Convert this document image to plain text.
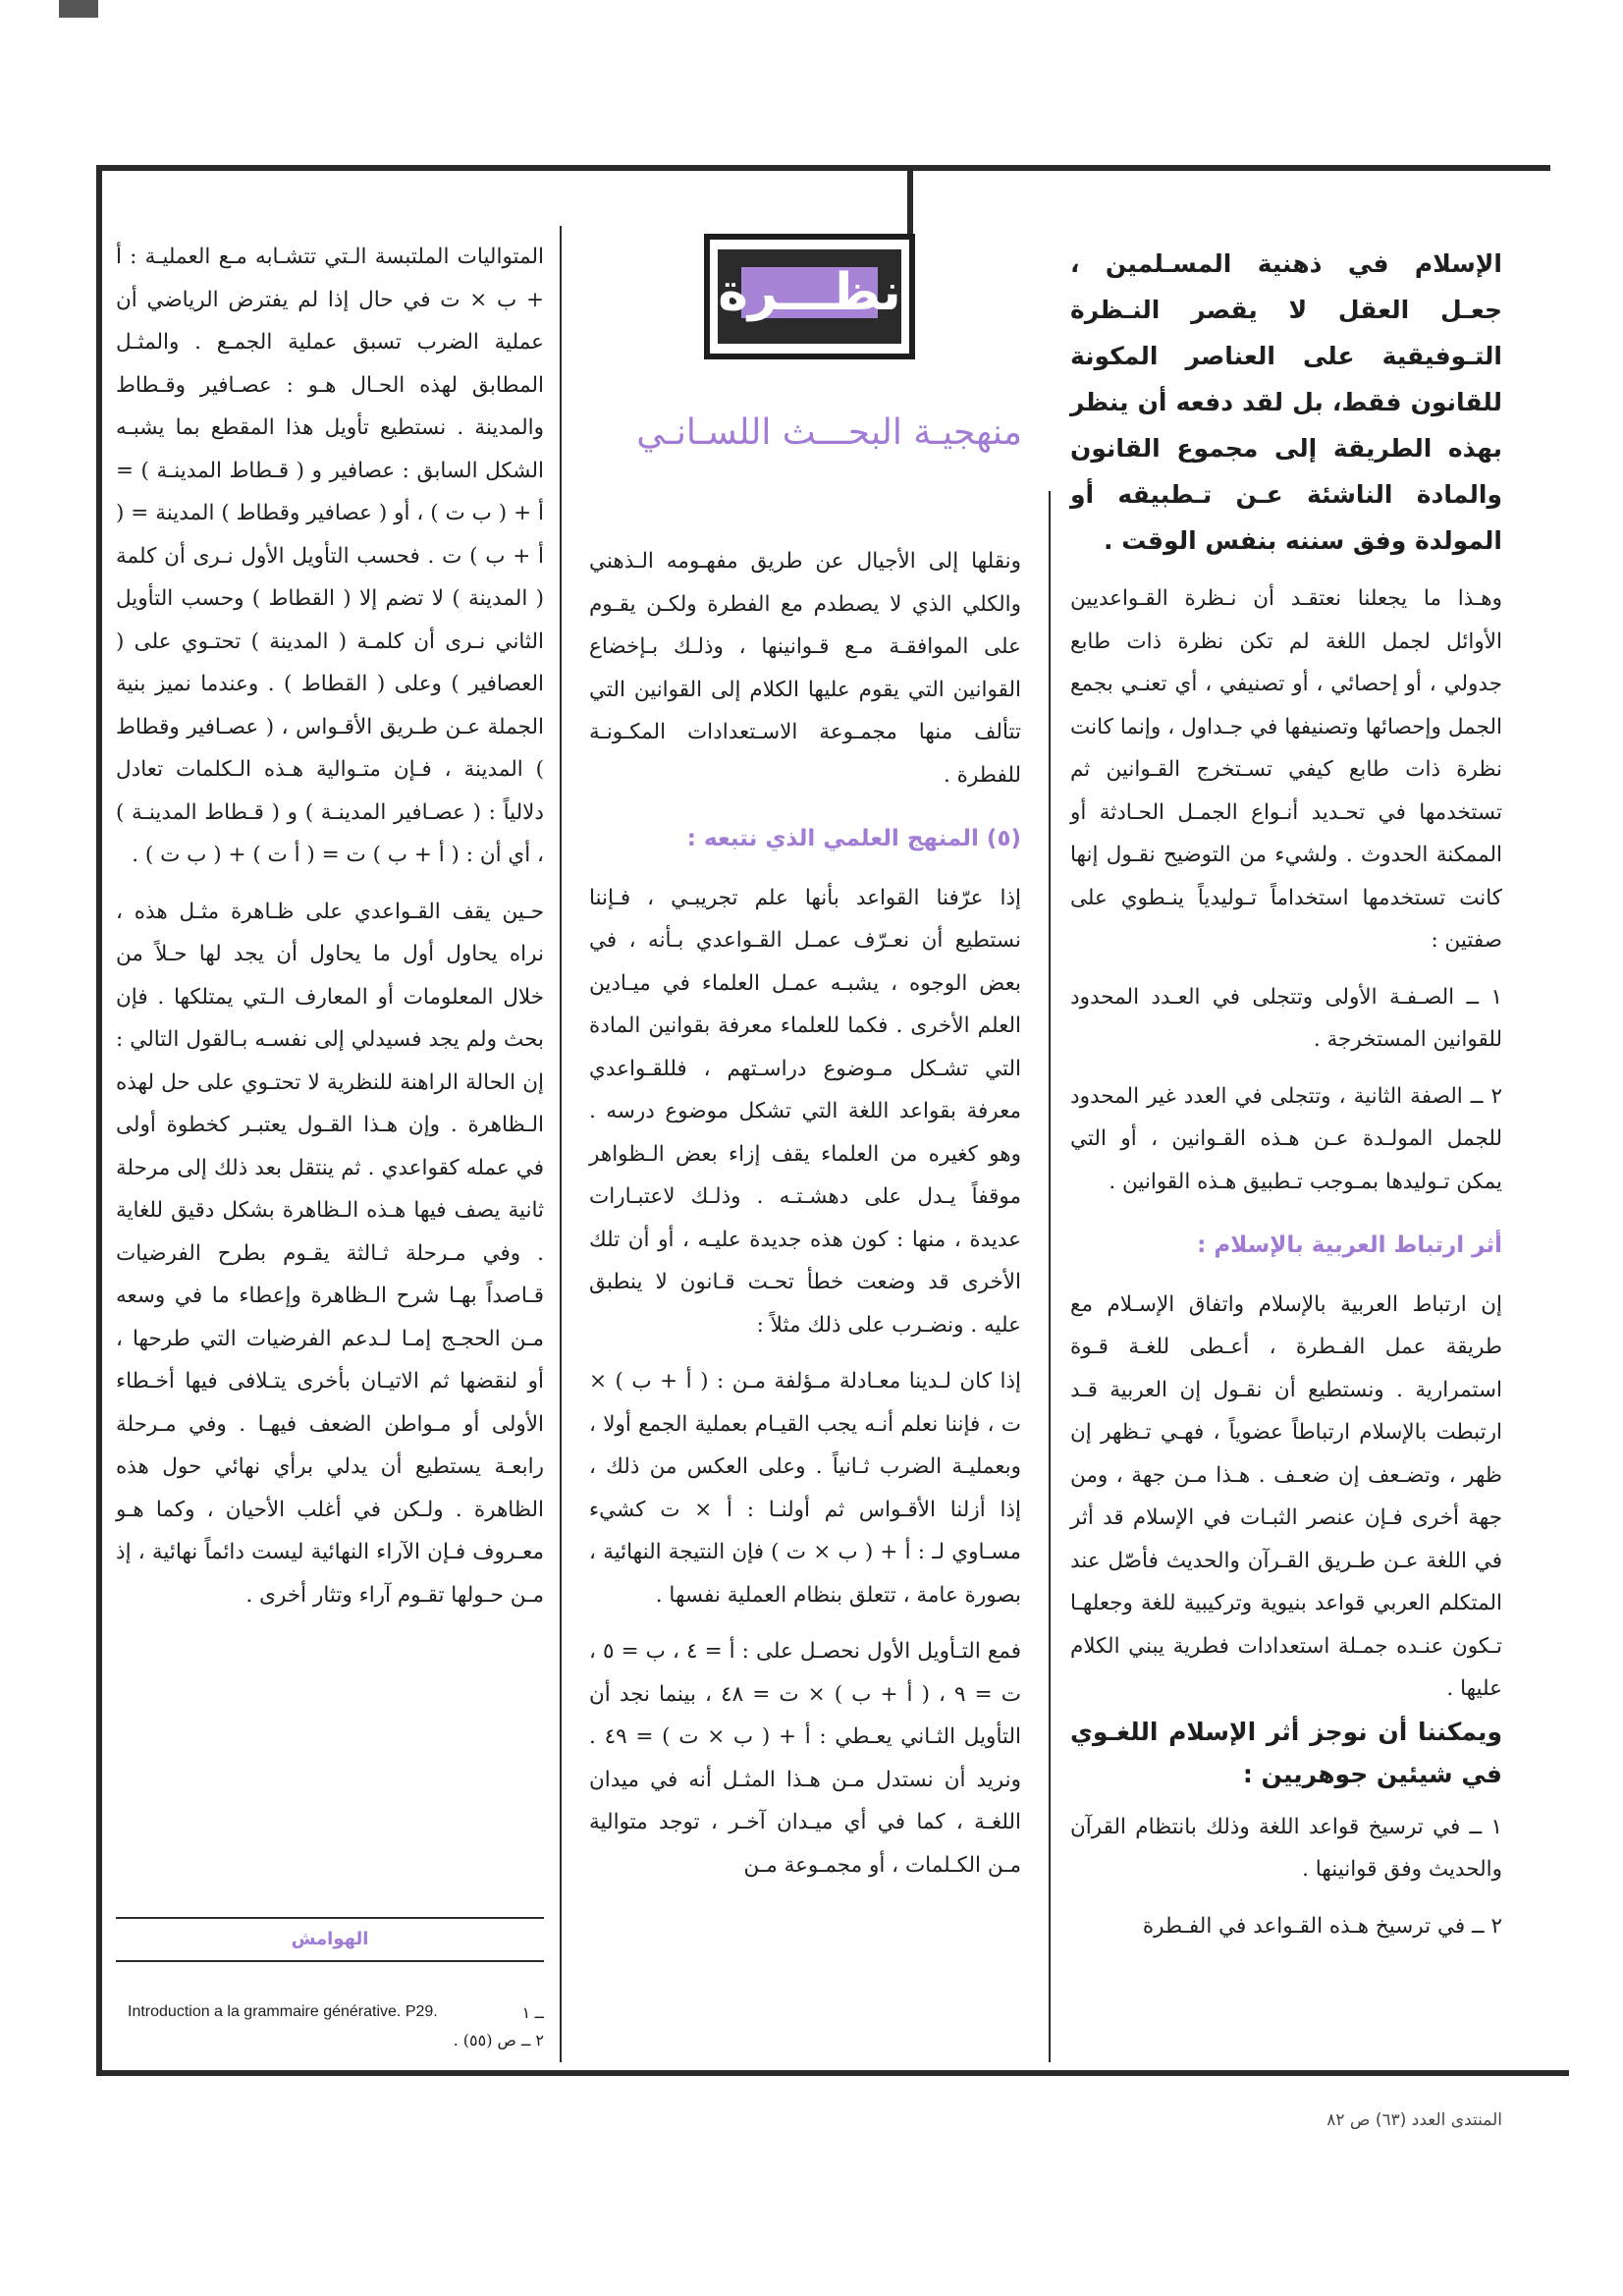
نظـــرة
منهجيـة البحـــث اللسـانـي

الإسلام في ذهنية المسـلمين ، جعـل العقل لا يقصر النـظرة التـوفيقية على العناصر المكونة للقانون فقط، بل لقد دفعه أن ينظر بهذه الطريقة إلى مجموع القانون والمادة الناشئة عـن تـطبيقه أو المولدة وفق سننه بنفس الوقت .

وهـذا ما يجعلنا نعتقـد أن نـظرة القـواعديين الأوائل لجمل اللغة لم تكن نظرة ذات طابع جدولي ، أو إحصائي ، أو تصنيفي ، أي تعنـي بجمع الجمل وإحصائها وتصنيفها في جـداول ، وإنما كانت نظرة ذات طابع كيفي تسـتخرج القـوانين ثم تستخدمها في تحـديد أنـواع الجمـل الحـادثة أو الممكنة الحدوث . ولشيء من التوضيح نقـول إنها كانت تستخدمها استخداماً تـوليدياً ينـطوي على صفتين :

١ ــ الصـفـة الأولى وتتجلى في العـدد المحدود للقوانين المستخرجة .

٢ ــ الصفة الثانية ، وتتجلى في العدد غير المحدود للجمل المولـدة عـن هـذه القـوانين ، أو التي يمكن تـوليدها بمـوجب تـطبيق هـذه القوانين .

أثر ارتباط العربية بالإسلام :

إن ارتباط العربية بالإسلام واتفاق الإسـلام مع طريقة عمل الفـطرة ، أعـطى للغـة قـوة استمرارية . ونستطيع أن نقـول إن العربية قـد ارتبطت بالإسلام ارتباطاً عضوياً ، فهـي تـظهر إن ظهر ، وتضـعف إن ضعـف . هـذا مـن جهة ، ومن جهة أخرى فـإن عنصر الثبـات في الإسلام قد أثر في اللغة عـن طـريق القـرآن والحديث فأصّل عند المتكلم العربي قواعد بنيوية وتركيبية للغة وجعلهـا تـكون عنـده جمـلة استعدادات فطرية يبني الكلام عليها .

ويمكننا أن نوجز أثر الإسلام اللغـوي في شيئين جوهريين :

١ ــ في ترسيخ قواعد اللغة وذلك بانتظام القرآن والحديث وفق قوانينها .

٢ ــ في ترسيخ هـذه القـواعد في الفـطرة

ونقلها إلى الأجيال عن طريق مفهـومه الـذهني والكلي الذي لا يصطدم مع الفطرة ولكـن يقـوم على الموافقـة مـع قـوانينها ، وذلـك بـإخضاع القوانين التي يقوم عليها الكلام إلى القوانين التي تتألف منها مجمـوعة الاسـتعدادات المكـونـة للفطرة .

(٥) المنهج العلمي الذي نتبعه :

إذا عرّفنا القواعد بأنها علم تجريبـي ، فـإننا نستطيع أن نعـرّف عمـل القـواعدي بـأنه ، في بعض الوجوه ، يشبـه عمـل العلماء في ميـادين العلم الأخرى . فكما للعلماء معرفة بقوانين المادة التي تشـكل مـوضوع دراسـتهم ، فللقـواعدي معرفة بقواعد اللغة التي تشكل موضوع درسه . وهو كغيره من العلماء يقف إزاء بعض الـظواهر موقفاً يـدل على دهشـتـه . وذلـك لاعتبـارات عديدة ، منها : كون هذه جديدة عليـه ، أو أن تلك الأخرى قد وضعت خطأ تحـت قـانون لا ينطبق عليه . ونضـرب على ذلك مثلاً :

إذا كان لـدينا معـادلة مـؤلفة مـن : ( أ + ب ) × ت ، فإننا نعلم أنـه يجب القيـام بعملية الجمع أولا ، وبعمليـة الضرب ثـانياً . وعلى العكس من ذلك ، إذا أزلنا الأقـواس ثم أولنـا : أ × ت كشيء مسـاوي لـ : أ + ( ب × ت ) فإن النتيجة النهائية ، بصورة عامة ، تتعلق بنظام العملية نفسها .

فمع التـأويل الأول نحصـل على : أ = ٤ ، ب = ٥ ، ت = ٩ ، ( أ + ب ) × ت = ٤٨ ، بينما نجد أن التأويل الثـاني يعـطي : أ + ( ب × ت ) = ٤٩ . ونريد أن نستدل مـن هـذا المثـل أنه في ميدان اللغـة ، كما في أي ميـدان آخـر ، توجد متوالية مـن الكـلمات ، أو مجمـوعة مـن

المتواليات الملتبسة الـتي تتشـابه مـع العمليـة : أ + ب × ت في حال إذا لم يفترض الرياضي أن عملية الضرب تسبق عملية الجمـع . والمثـل المطابق لهذه الحـال هـو : عصـافير وقـطاط والمدينة . نستطيع تأويل هذا المقطع بما يشبـه الشكل السابق : عصافير و ( قـطاط المدينـة ) = أ + ( ب ت ) ، أو ( عصافير وقطاط ) المدينة = ( أ + ب ) ت . فحسب التأويل الأول نـرى أن كلمة ( المدينة ) لا تضم إلا ( القطاط ) وحسب التأويل الثاني نـرى أن كلمـة ( المدينة ) تحتـوي على ( العصافير ) وعلى ( القطاط ) . وعندما نميز بنية الجملة عـن طـريق الأقـواس ، ( عصـافير وقطاط ) المدينة ، فـإن متـوالية هـذه الـكلمات تعادل دلالياً : ( عصـافير المدينـة ) و ( قـطاط المدينـة ) ، أي أن : ( أ + ب ) ت = ( أ ت ) + ( ب ت ) .

حـين يقف القـواعدي على ظـاهرة مثـل هذه ، نراه يحاول أول ما يحاول أن يجد لها حـلاً من خلال المعلومات أو المعارف الـتي يمتلكها . فإن بحث ولم يجد فسيدلي إلى نفسـه بـالقول التالي : إن الحالة الراهنة للنظرية لا تحتـوي على حل لهذه الـظاهرة . وإن هـذا القـول يعتبـر كخطوة أولى في عمله كقواعدي . ثم ينتقل بعد ذلك إلى مرحلة ثانية يصف فيها هـذه الـظاهرة بشكل دقيق للغاية . وفي مـرحلة ثـالثة يقـوم بطرح الفرضيات قـاصداً بهـا شرح الـظاهرة وإعطاء ما في وسعه مـن الحجـج إمـا لـدعم الفرضيات التي طرحها ، أو لنقضها ثم الاتيـان بأخرى يتـلافى فيها أخـطاء الأولى أو مـواطن الضعف فيهـا . وفي مـرحلة رابعـة يستطيع أن يدلي برأي نهائي حول هذه الظاهرة . ولـكن في أغلب الأحيان ، وكما هـو معـروف فـإن الآراء النهائية ليست دائماً نهائية ، إذ مـن حـولها تقـوم آراء وتثار أخرى .

الهوامش
Introduction a la grammaire générative. P29.	ــ ١
٢ ــ ص (٥٥) .
المنتدى العدد (٦٣) ص ٨٢
